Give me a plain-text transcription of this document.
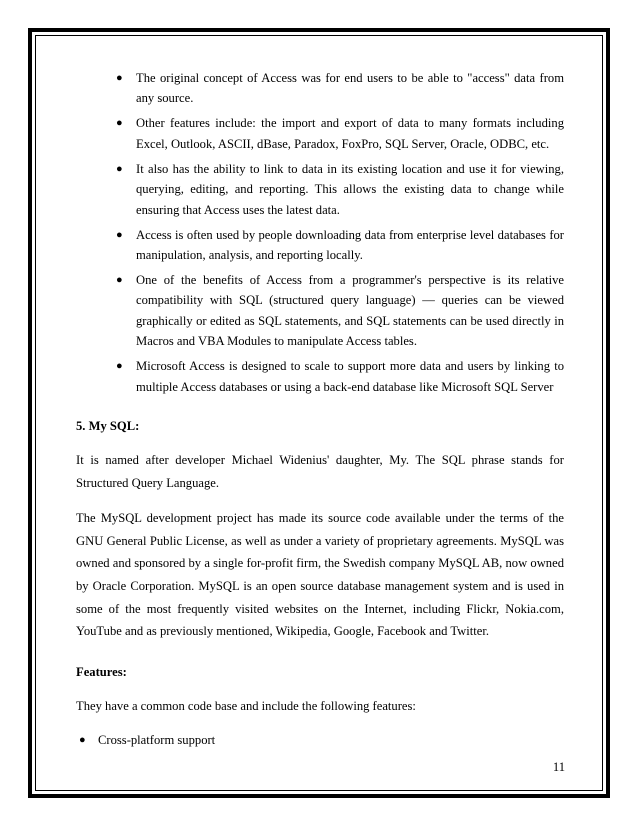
● The original concept of Access was for end users to be able to "access" data from any source.
● Other features include: the import and export of data to many formats including Excel, Outlook, ASCII, dBase, Paradox, FoxPro, SQL Server, Oracle, ODBC, etc.
● It also has the ability to link to data in its existing location and use it for viewing, querying, editing, and reporting. This allows the existing data to change while ensuring that Access uses the latest data.
● Access is often used by people downloading data from enterprise level databases for manipulation, analysis, and reporting locally.
● One of the benefits of Access from a programmer's perspective is its relative compatibility with SQL (structured query language) — queries can be viewed graphically or edited as SQL statements, and SQL statements can be used directly in Macros and VBA Modules to manipulate Access tables.
● Microsoft Access is designed to scale to support more data and users by linking to multiple Access databases or using a back-end database like Microsoft SQL Server
5. My SQL:

It is named after developer Michael Widenius' daughter, My. The SQL phrase stands for Structured Query Language.

The MySQL development project has made its source code available under the terms of the GNU General Public License, as well as under a variety of proprietary agreements. MySQL was owned and sponsored by a single for-profit firm, the Swedish company MySQL AB, now owned by Oracle Corporation. MySQL is an open source database management system and is used in some of the most frequently visited websites on the Internet, including Flickr, Nokia.com, YouTube and as previously mentioned, Wikipedia, Google, Facebook and Twitter.

Features:

They have a common code base and include the following features:

● Cross-platform support
11
